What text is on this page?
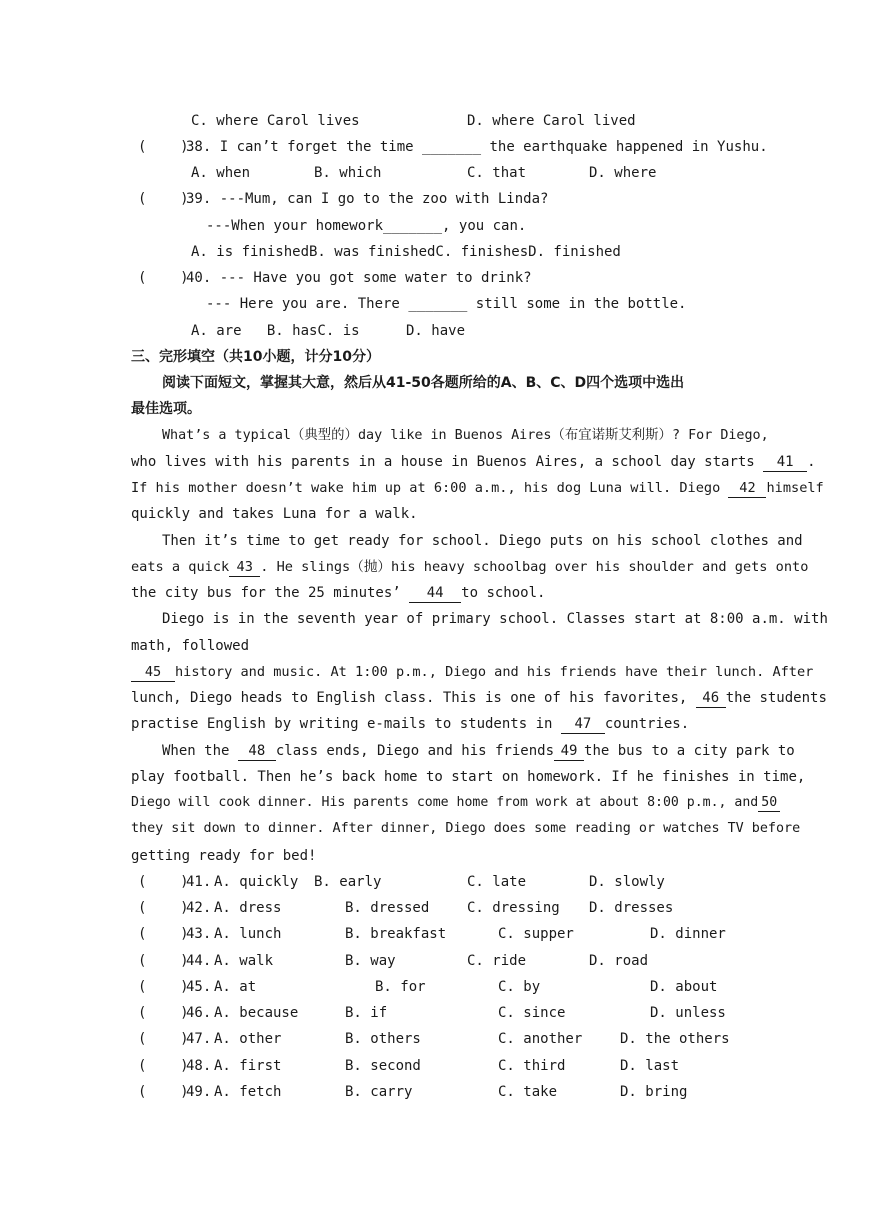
C. where Carol lives	D. where Carol lived
(    )
38. I can’t forget the time _______ the earthquake happened in Yushu.
A. when	B. which	C. that	D. where
(    )
39. ---Mum, can I go to the zoo with Linda?
---When your homework_______, you can.
A. is finishedB. was finishedC. finishesD. finished
(    )
40. --- Have you got some water to drink?
--- Here you are. There _______ still some in the bottle.
A. are   B. hasC. is	D. have
三、完形填空（共10小题，计分10分）
阅读下面短文，掌握其大意，然后从41-50各题所给的A、B、C、D四个选项中选出
最佳选项。
What’s a typical（典型的）day like in Buenos Aires（布宜诺斯艾利斯）? For Diego,
who lives with his parents in a house in Buenos Aires, a school day starts 41 .
If his mother doesn’t wake him up at 6:00 a.m., his dog Luna will. Diego 42 himself
quickly and takes Luna for a walk.
Then it’s time to get ready for school. Diego puts on his school clothes and
eats a quick 43 . He slings（抛）his heavy schoolbag over his shoulder and gets onto
the city bus for the 25 minutes’ 44 to school.
Diego is in the seventh year of primary school. Classes start at 8:00 a.m. with
math, followed
45 history and music. At 1:00 p.m., Diego and his friends have their lunch. After
lunch, Diego heads to English class. This is one of his favorites, 46 the students
practise English by writing e-mails to students in 47 countries.
When the 48 class ends, Diego and his friends 49 the bus to a city park to
play football. Then he’s back home to start on homework. If he finishes in time,
Diego will cook dinner. His parents come home from work at about 8:00 p.m., and 50
they sit down to dinner. After dinner, Diego does some reading or watches TV before
getting ready for bed!
(    )
41. A. quickly B. early	C. late	D. slowly
(    )
42. A. dress	B. dressed	C. dressing D. dresses
(    )
43. A. lunch	B. breakfast	C. supper	D. dinner
(    )
44. A. walk	B. way	C. ride	D. road
(    )
45. A. at	B. for	C. by	D. about
(    )
46. A. because	B. if	C. since	D. unless
(    )
47. A. other	B. others	C. another	D. the others
(    )
48. A. first	B. second	C. third	D. last
(    )
49. A. fetch	B. carry	C. take	D. bring
